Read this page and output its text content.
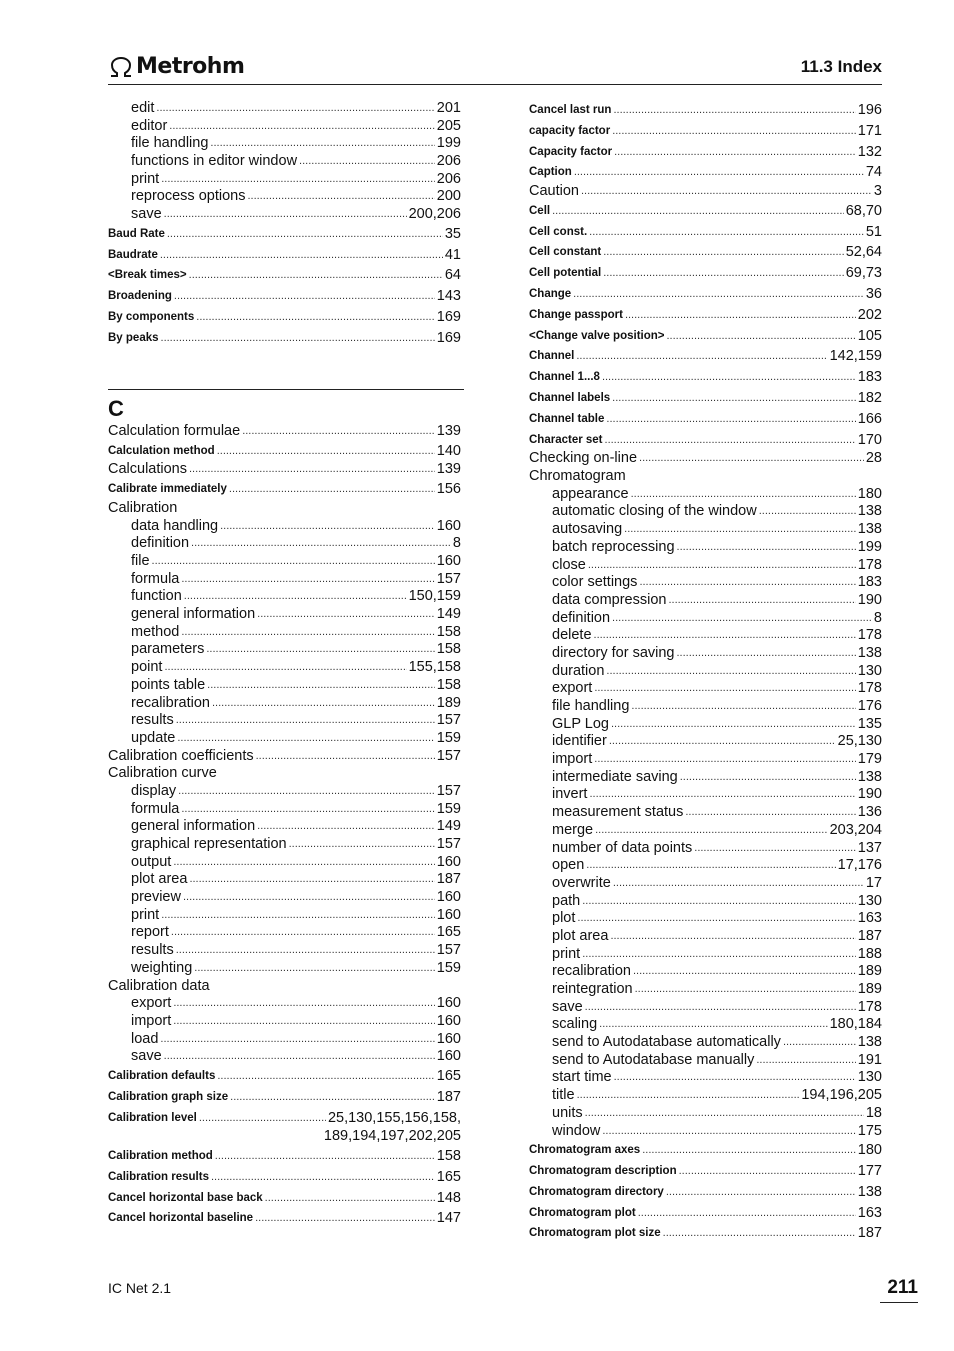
Metrohm	11.3 Index
edit .....	201
editor .....	205
file handling .....	199
functions in editor window .....	206
print .....	206
reprocess options .....	200
save .....	200,206
Baud Rate .....	35
Baudrate .....	41
<Break times> .....	64
Broadening .....	143
By components .....	169
By peaks .....	169
C
Calculation formulae .....	139
Calculation method .....	140
Calculations .....	139
Calibrate immediately .....	156
Calibration
data handling .....	160
definition .....	8
file .....	160
formula .....	157
function .....	150,159
general information .....	149
method .....	158
parameters .....	158
point .....	155,158
points table .....	158
recalibration .....	189
results .....	157
update .....	159
Calibration coefficients .....	157
Calibration curve
display .....	157
formula .....	159
general information .....	149
graphical representation .....	157
output .....	160
plot area .....	187
preview .....	160
print .....	160
report .....	165
results .....	157
weighting .....	159
Calibration data
export .....	160
import .....	160
load .....	160
save .....	160
Calibration defaults .....	165
Calibration graph size .....	187
Calibration level .....	25,130,155,156,158,
189,194,197,202,205
Calibration method .....	158
Calibration results .....	165
Cancel horizontal base back .....	148
Cancel horizontal baseline .....	147
Cancel last run .....	196
capacity factor .....	171
Capacity factor .....	132
Caption .....	74
Caution .....	3
Cell .....	68,70
Cell const. .....	51
Cell constant .....	52,64
Cell potential .....	69,73
Change .....	36
Change passport .....	202
<Change valve position> .....	105
Channel .....	142,159
Channel 1...8 .....	183
Channel labels .....	182
Channel table .....	166
Character set .....	170
Checking on-line .....	28
Chromatogram
appearance .....	180
automatic closing of the window .....	138
autosaving .....	138
batch reprocessing .....	199
close .....	178
color settings .....	183
data compression .....	190
definition .....	8
delete .....	178
directory for saving .....	138
duration .....	130
export .....	178
file handling .....	176
GLP Log .....	135
identifier .....	25,130
import .....	179
intermediate saving .....	138
invert .....	190
measurement status .....	136
merge .....	203,204
number of data points .....	137
open .....	17,176
overwrite .....	17
path .....	130
plot .....	163
plot area .....	187
print .....	188
recalibration .....	189
reintegration .....	189
save .....	178
scaling .....	180,184
send to Autodatabase automatically .....	138
send to Autodatabase manually .....	191
start time .....	130
title .....	194,196,205
units .....	18
window .....	175
Chromatogram axes .....	180
Chromatogram description .....	177
Chromatogram directory .....	138
Chromatogram plot .....	163
Chromatogram plot size .....	187
IC Net 2.1	211
